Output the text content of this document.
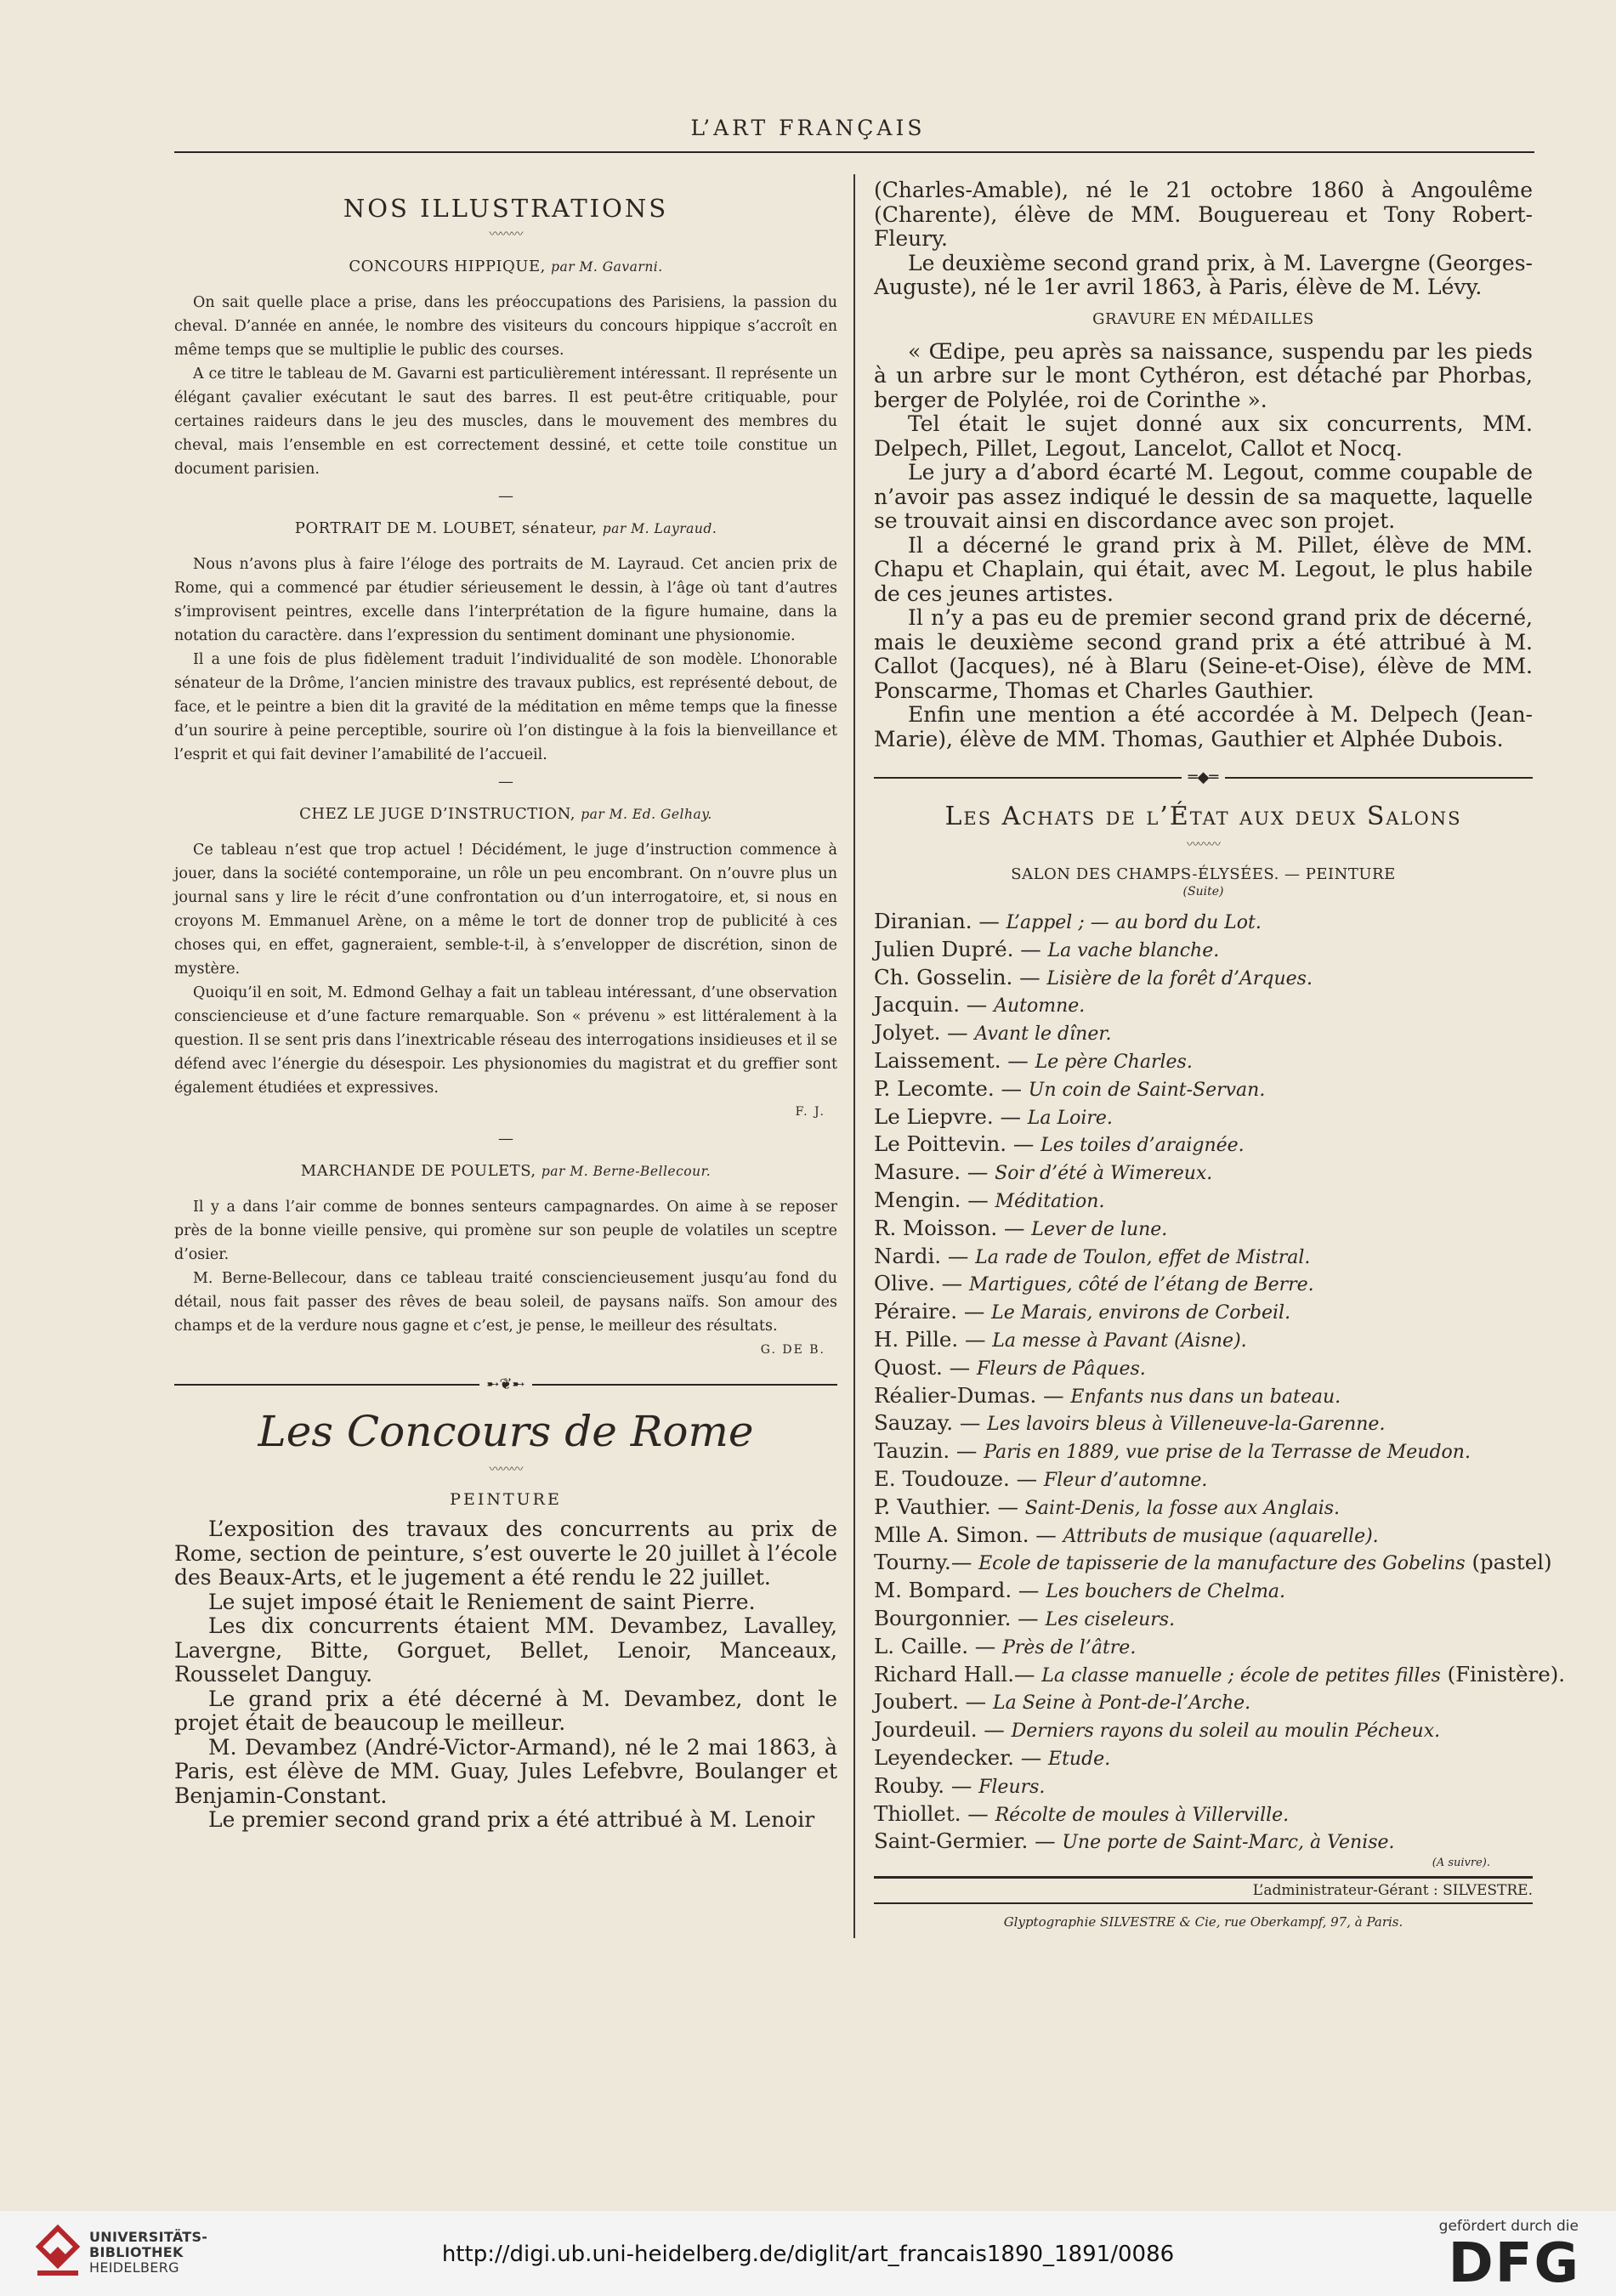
L’ART FRANÇAIS
NOS ILLUSTRATIONS
〰〰〰
CONCOURS HIPPIQUE, par M. Gavarni.

On sait quelle place a prise, dans les préoccupations des Parisiens, la passion du cheval. D’année en année, le nombre des visiteurs du concours hippique s’accroît en même temps que se multiplie le public des courses.

A ce titre le tableau de M. Gavarni est particulièrement intéressant. Il représente un élégant çavalier exécutant le saut des barres. Il est peut-être critiquable, pour certaines raideurs dans le jeu des muscles, dans le mouvement des membres du cheval, mais l’ensemble en est correctement dessiné, et cette toile constitue un document parisien.

—
PORTRAIT DE M. LOUBET, sénateur, par M. Layraud.

Nous n’avons plus à faire l’éloge des portraits de M. Layraud. Cet ancien prix de Rome, qui a commencé par étudier sérieusement le dessin, à l’âge où tant d’autres s’improvisent peintres, excelle dans l’interprétation de la figure humaine, dans la notation du caractère. dans l’expression du sentiment dominant une physionomie.

Il a une fois de plus fidèlement traduit l’individualité de son modèle. L’honorable sénateur de la Drôme, l’ancien ministre des travaux publics, est représenté debout, de face, et le peintre a bien dit la gravité de la méditation en même temps que la finesse d’un sourire à peine perceptible, sourire où l’on distingue à la fois la bienveillance et l’esprit et qui fait deviner l’amabilité de l’accueil.

—
CHEZ LE JUGE D’INSTRUCTION, par M. Ed. Gelhay.

Ce tableau n’est que trop actuel ! Décidément, le juge d’instruction commence à jouer, dans la société contemporaine, un rôle un peu encombrant. On n’ouvre plus un journal sans y lire le récit d’une confrontation ou d’un interrogatoire, et, si nous en croyons M. Emmanuel Arène, on a même le tort de donner trop de publicité à ces choses qui, en effet, gagneraient, semble-t-il, à s’envelopper de discrétion, sinon de mystère.

Quoiqu’il en soit, M. Edmond Gelhay a fait un tableau intéressant, d’une observation consciencieuse et d’une facture remarquable. Son « prévenu » est littéralement à la question. Il se sent pris dans l’inextricable réseau des interrogations insidieuses et il se défend avec l’énergie du désespoir. Les physionomies du magistrat et du greffier sont également étudiées et expressives.

F. J.
—
MARCHANDE DE POULETS, par M. Berne-Bellecour.

Il y a dans l’air comme de bonnes senteurs campagnardes. On aime à se reposer près de la bonne vieille pensive, qui promène sur son peuple de volatiles un sceptre d’osier.

M. Berne-Bellecour, dans ce tableau traité consciencieusement jusqu’au fond du détail, nous fait passer des rêves de beau soleil, de paysans naïfs. Son amour des champs et de la verdure nous gagne et c’est, je pense, le meilleur des résultats.

G. DE B.
➸❦➸
Les Concours de Rome
〰〰〰
PEINTURE

L’exposition des travaux des concurrents au prix de Rome, section de peinture, s’est ouverte le 20 juillet à l’école des Beaux-Arts, et le jugement a été rendu le 22 juillet.

Le sujet imposé était le Reniement de saint Pierre.

Les dix concurrents étaient MM. Devambez, Lavalley, Lavergne, Bitte, Gorguet, Bellet, Lenoir, Manceaux, Rousselet Danguy.

Le grand prix a été décerné à M. Devambez, dont le projet était de beaucoup le meilleur.

M. Devambez (André-Victor-Armand), né le 2 mai 1863, à Paris, est élève de MM. Guay, Jules Lefebvre, Boulanger et Benjamin-Constant.

Le premier second grand prix a été attribué à M. Lenoir

(Charles-Amable), né le 21 octobre 1860 à Angoulême (Charente), élève de MM. Bouguereau et Tony Robert-Fleury.

Le deuxième second grand prix, à M. Lavergne (Georges-Auguste), né le 1er avril 1863, à Paris, élève de M. Lévy.

GRAVURE EN MÉDAILLES

« Œdipe, peu après sa naissance, suspendu par les pieds à un arbre sur le mont Cythéron, est détaché par Phorbas, berger de Polylée, roi de Corinthe ».

Tel était le sujet donné aux six concurrents, MM. Delpech, Pillet, Legout, Lancelot, Callot et Nocq.

Le jury a d’abord écarté M. Legout, comme coupable de n’avoir pas assez indiqué le dessin de sa maquette, laquelle se trouvait ainsi en discordance avec son projet.

Il a décerné le grand prix à M. Pillet, élève de MM. Chapu et Chaplain, qui était, avec M. Legout, le plus habile de ces jeunes artistes.

Il n’y a pas eu de premier second grand prix de décerné, mais le deuxième second grand prix a été attribué à M. Callot (Jacques), né à Blaru (Seine-et-Oise), élève de MM. Ponscarme, Thomas et Charles Gauthier.

Enfin une mention a été accordée à M. Delpech (Jean-Marie), élève de MM. Thomas, Gauthier et Alphée Dubois.

═◆═
Les Achats de l’État aux deux Salons
〰〰〰
SALON DES CHAMPS-ÉLYSÉES. — PEINTURE
(Suite)
Diranian. — L’appel ; — au bord du Lot.
Julien Dupré. — La vache blanche.
Ch. Gosselin. — Lisière de la forêt d’Arques.
Jacquin. — Automne.
Jolyet. — Avant le dîner.
Laissement. — Le père Charles.
P. Lecomte. — Un coin de Saint-Servan.
Le Liepvre. — La Loire.
Le Poittevin. — Les toiles d’araignée.
Masure. — Soir d’été à Wimereux.
Mengin. — Méditation.
R. Moisson. — Lever de lune.
Nardi. — La rade de Toulon, effet de Mistral.
Olive. — Martigues, côté de l’étang de Berre.
Péraire. — Le Marais, environs de Corbeil.
H. Pille. — La messe à Pavant (Aisne).
Quost. — Fleurs de Pâques.
Réalier-Dumas. — Enfants nus dans un bateau.
Sauzay. — Les lavoirs bleus à Villeneuve-la-Garenne.
Tauzin. — Paris en 1889, vue prise de la Terrasse de Meudon.
E. Toudouze. — Fleur d’automne.
P. Vauthier. — Saint-Denis, la fosse aux Anglais.
Mlle A. Simon. — Attributs de musique (aquarelle).
Tourny.— Ecole de tapisserie de la manufacture des Gobelins (pastel)
M. Bompard. — Les bouchers de Chelma.
Bourgonnier. — Les ciseleurs.
L. Caille. — Près de l’âtre.
Richard Hall.— La classe manuelle ; école de petites filles (Finistère).
Joubert. — La Seine à Pont-de-l’Arche.
Jourdeuil. — Derniers rayons du soleil au moulin Pécheux.
Leyendecker. — Etude.
Rouby. — Fleurs.
Thiollet. — Récolte de moules à Villerville.
Saint-Germier. — Une porte de Saint-Marc, à Venise.
(A suivre).
L’administrateur-Gérant : SILVESTRE.
Glyptographie SILVESTRE & Cie, rue Oberkampf, 97, à Paris.
UNIVERSITÄTS-
BIBLIOTHEK
HEIDELBERG
http://digi.ub.uni-heidelberg.de/diglit/art_francais1890_1891/0086
gefördert durch die
DFG
